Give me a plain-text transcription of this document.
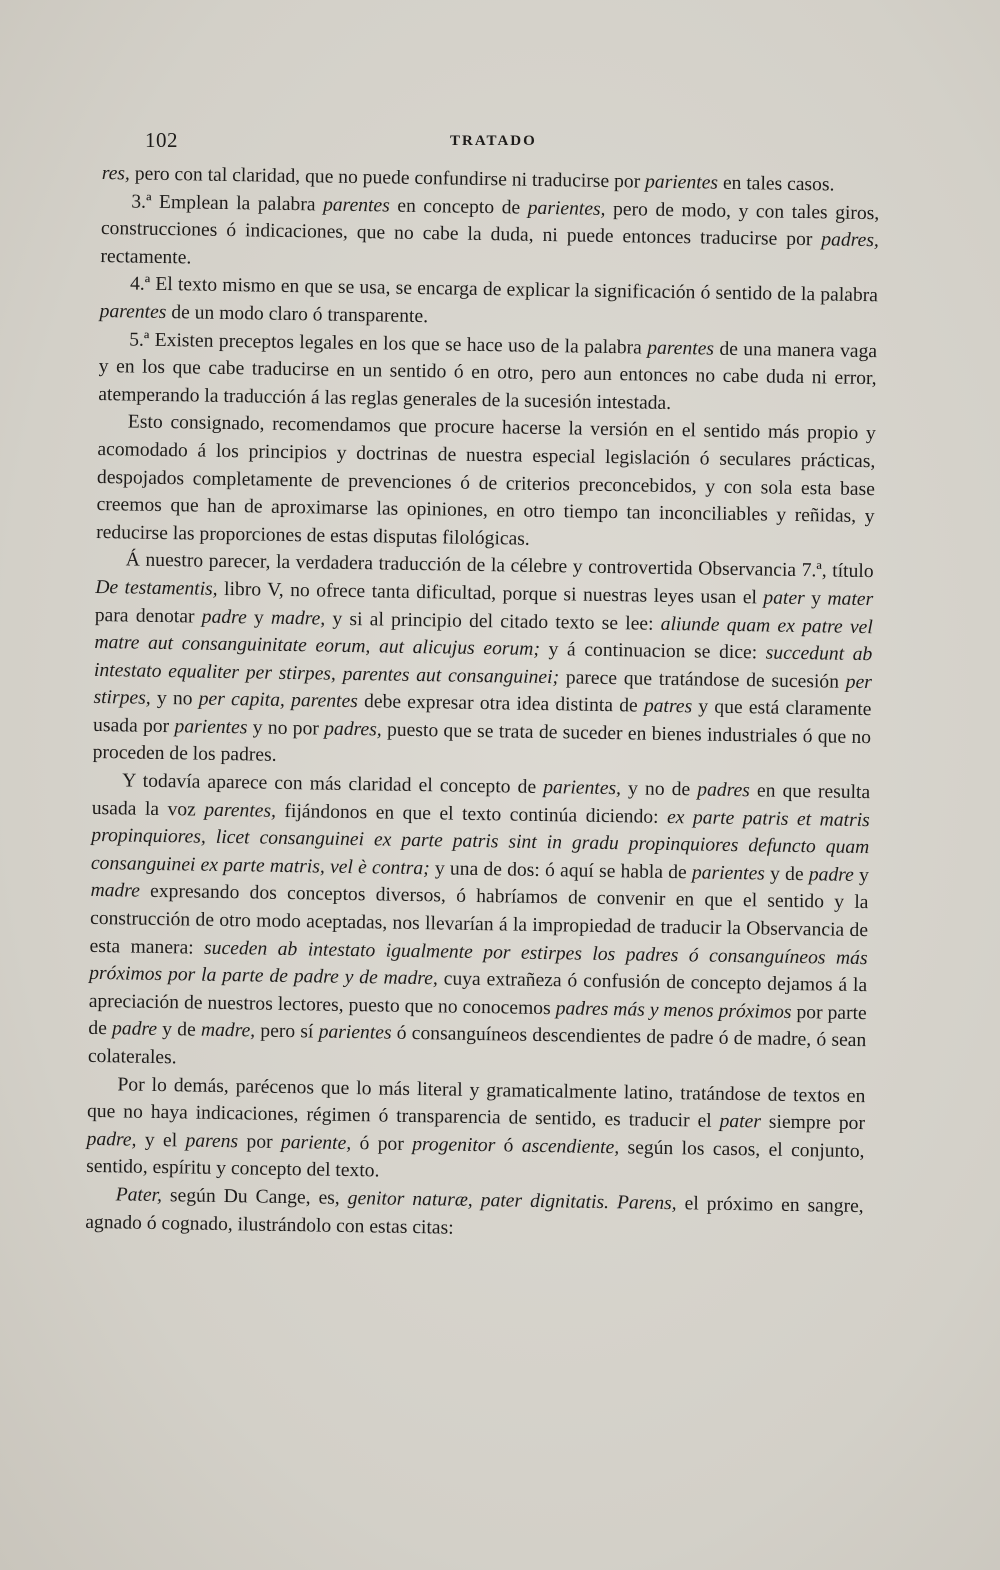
102	TRATADO

res, pero con tal claridad, que no puede confundirse ni traducirse por parientes en tales casos.

3.ª Emplean la palabra parentes en concepto de parientes, pero de modo, y con tales giros, construcciones ó indicaciones, que no cabe la duda, ni puede entonces traducirse por padres, rectamente.

4.ª El texto mismo en que se usa, se encarga de explicar la significación ó sentido de la palabra parentes de un modo claro ó transparente.

5.ª Existen preceptos legales en los que se hace uso de la palabra parentes de una manera vaga y en los que cabe traducirse en un sentido ó en otro, pero aun entonces no cabe duda ni error, atemperando la traducción á las reglas generales de la sucesión intestada.

Esto consignado, recomendamos que procure hacerse la versión en el sentido más propio y acomodado á los principios y doctrinas de nuestra especial legislación ó seculares prácticas, despojados completamente de prevenciones ó de criterios preconcebidos, y con sola esta base creemos que han de aproximarse las opiniones, en otro tiempo tan inconciliables y reñidas, y reducirse las proporciones de estas disputas filológicas.

Á nuestro parecer, la verdadera traducción de la célebre y controvertida Observancia 7.ª, título De testamentis, libro V, no ofrece tanta dificultad, porque si nuestras leyes usan el pater y mater para denotar padre y madre, y si al principio del citado texto se lee: aliunde quam ex patre vel matre aut consanguinitate eorum, aut alicujus eorum; y á continuacion se dice: succedunt ab intestato equaliter per stirpes, parentes aut consanguinei; parece que tratándose de sucesión per stirpes, y no per capita, parentes debe expresar otra idea distinta de patres y que está claramente usada por parientes y no por padres, puesto que se trata de suceder en bienes industriales ó que no proceden de los padres.

Y todavía aparece con más claridad el concepto de parientes, y no de padres en que resulta usada la voz parentes, fijándonos en que el texto continúa diciendo: ex parte patris et matris propinquiores, licet consanguinei ex parte patris sint in gradu propinquiores defuncto quam consanguinei ex parte matris, vel è contra; y una de dos: ó aquí se habla de parientes y de padre y madre expresando dos conceptos diversos, ó habríamos de convenir en que el sentido y la construcción de otro modo aceptadas, nos llevarían á la impropiedad de traducir la Observancia de esta manera: suceden ab intestato igualmente por estirpes los padres ó consanguíneos más próximos por la parte de padre y de madre, cuya extrañeza ó confusión de concepto dejamos á la apreciación de nuestros lectores, puesto que no conocemos padres más y menos próximos por parte de padre y de madre, pero sí parientes ó consanguíneos descendientes de padre ó de madre, ó sean colaterales.

Por lo demás, parécenos que lo más literal y gramaticalmente latino, tratándose de textos en que no haya indicaciones, régimen ó transparencia de sentido, es traducir el pater siempre por padre, y el parens por pariente, ó por progenitor ó ascendiente, según los casos, el conjunto, sentido, espíritu y concepto del texto.

Pater, según Du Cange, es, genitor naturæ, pater dignitatis. Parens, el próximo en sangre, agnado ó cognado, ilustrándolo con estas citas:
